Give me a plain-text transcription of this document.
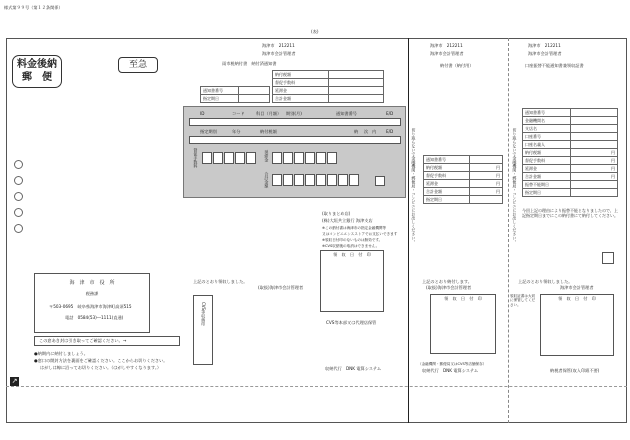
様式第９９号（第１２条関係）
(表)
料金後納
郵　便
至急
海津市　212211
海津市会計管理者
雨市税納付書　納付済通知書
納付税額	
督促手数料	
延滞金	
合計金額	
通知書番号	
指定期日	
ID	コード	科目（月額） 期別(月)	通知書番号	E/D
指定期別	年分	納付税額	納 次 内 E/D
督促手数料	延滞金
合計金額
(取りまとめ店)
(株)大垣共立銀行 海津支店
※この納付書は海津市の指定金融機関等
又はコンビニエンスストアでお支払いできます
※領収日付印のないものは無効です。
※CVS収納後の取消はできません。
領　収　日　付　印
CVS等本部又は代理店保管
上記のとおり領収しました。
(取扱)海津市会計管理者
CVS等収納印
収納代行　DNK 電算システム
海津市　212211
海津市会計管理者
納付書（納付用）
通知書番号	
納付税額	円
督促手数料	円
延滞金	円
合計金額	円
指定期日	
切り取らないで金融機関・郵便局・コンビニにお出しください。
上記のとおり納付します。
(取扱)海津市会計管理者
領　収　日　付　印
（金融機関・郵便局又はCVS等店舗保存）
収納代行　DNK 電算システム
海津市　212211
海津市会計管理者
口座振替不能通知書兼領収証書
通知書番号	
金融機関名	
支店名	
口座番号	
口座名義人	
納付税額	円
督促手数料	円
延滞金	円
合計金額	円
振替不能期日	
指定期日	
切り取らないで金融機関・郵便局・コンビニにお出しください。 今回上記の理由により振替不能となりましたので、上記指定期日までにこの納付書にて納付してください。
上記のとおり領収しました。
海津市会計管理者
領　収　日　付　印
領収証書は大切に保管してください。
納税者保管(収入印紙不要)
海　津　市　役　所
税務課
〒503-0695　岐阜県海津市海津町高須515
電話　0584(53)―1111(直通)
この窓あき封は引き取ってご確認ください。→
●納期内に納付しましょう。
●窓口の開封方法を裏面をご確認ください。ここからお切りください。
はがしは線に沿ってお切りください。（はがしやすくなります。）
↗
